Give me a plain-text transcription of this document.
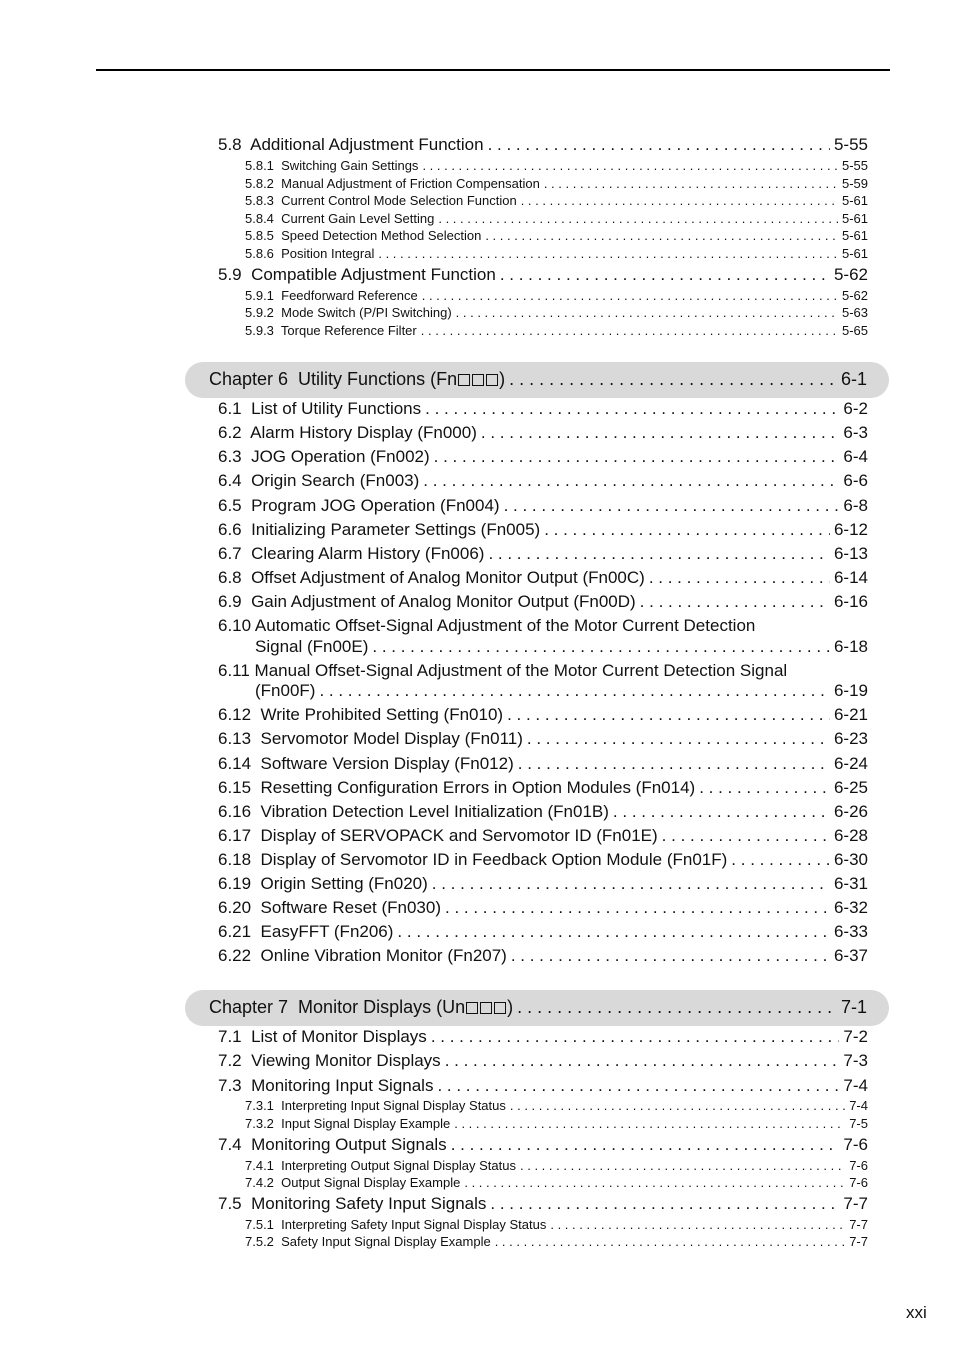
5.8  Additional Adjustment Function . . .	5-55
5.8.1  Switching Gain Settings . . .	5-55
5.8.2  Manual Adjustment of Friction Compensation . . .	5-59
5.8.3  Current Control Mode Selection Function . . .	5-61
5.8.4  Current Gain Level Setting . . .	5-61
5.8.5  Speed Detection Method Selection . . .	5-61
5.8.6  Position Integral . . .	5-61
5.9  Compatible Adjustment Function . . .	5-62
5.9.1  Feedforward Reference . . .	5-62
5.9.2  Mode Switch (P/PI Switching) . . .	5-63
5.9.3  Torque Reference Filter . . .	5-65
Chapter 6  Utility Functions (Fn ) . . .	6-1
6.1  List of Utility Functions . . .	6-2
6.2  Alarm History Display (Fn000) . . .	6-3
6.3  JOG Operation (Fn002) . . .	6-4
6.4  Origin Search (Fn003) . . .	6-6
6.5  Program JOG Operation (Fn004) . . .	6-8
6.6  Initializing Parameter Settings (Fn005) . . .	6-12
6.7  Clearing Alarm History (Fn006) . . .	6-13
6.8  Offset Adjustment of Analog Monitor Output (Fn00C) . . .	6-14
6.9  Gain Adjustment of Analog Monitor Output (Fn00D) . . .	6-16
6.10 Automatic Offset-Signal Adjustment of the Motor Current Detection
Signal (Fn00E) . . .	6-18
6.11 Manual Offset-Signal Adjustment of the Motor Current Detection Signal
(Fn00F) . . .	6-19
6.12  Write Prohibited Setting (Fn010) . . .	6-21
6.13  Servomotor Model Display (Fn011) . . .	6-23
6.14  Software Version Display (Fn012) . . .	6-24
6.15  Resetting Configuration Errors in Option Modules (Fn014) . . .	6-25
6.16  Vibration Detection Level Initialization (Fn01B) . . .	6-26
6.17  Display of SERVOPACK and Servomotor ID (Fn01E) . . .	6-28
6.18  Display of Servomotor ID in Feedback Option Module (Fn01F) . . .	6-30
6.19  Origin Setting (Fn020) . . .	6-31
6.20  Software Reset (Fn030) . . .	6-32
6.21  EasyFFT (Fn206) . . .	6-33
6.22  Online Vibration Monitor (Fn207) . . .	6-37
Chapter 7  Monitor Displays (Un ) . . .	7-1
7.1  List of Monitor Displays . . .	7-2
7.2  Viewing Monitor Displays . . .	7-3
7.3  Monitoring Input Signals . . .	7-4
7.3.1  Interpreting Input Signal Display Status . . .	7-4
7.3.2  Input Signal Display Example . . .	7-5
7.4  Monitoring Output Signals . . .	7-6
7.4.1  Interpreting Output Signal Display Status . . .	7-6
7.4.2  Output Signal Display Example . . .	7-6
7.5  Monitoring Safety Input Signals . . .	7-7
7.5.1  Interpreting Safety Input Signal Display Status . . .	7-7
7.5.2  Safety Input Signal Display Example . . .	7-7
xxi
